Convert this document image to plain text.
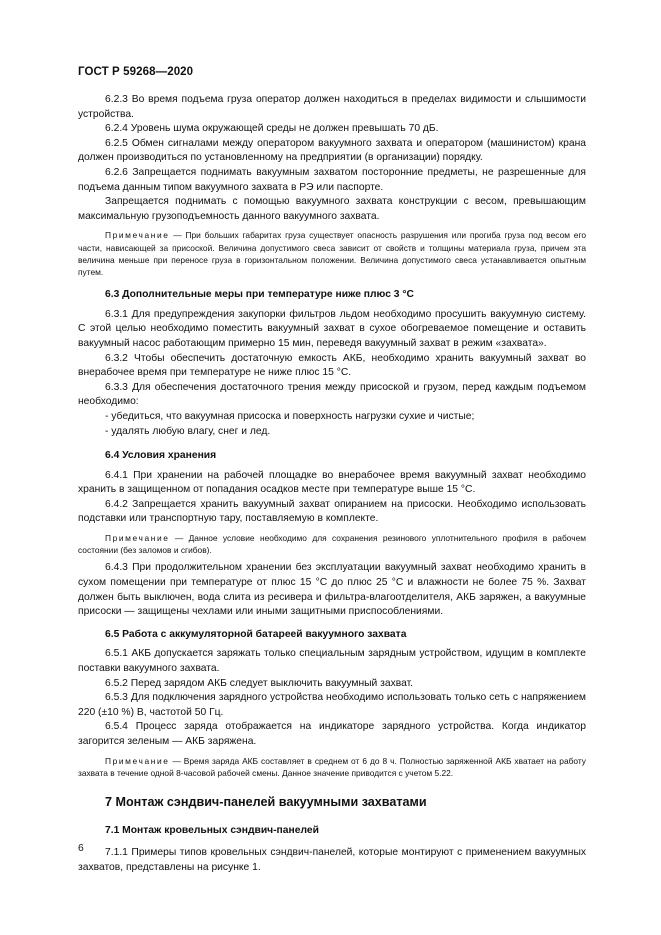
ГОСТ Р 59268—2020

6.2.3 Во время подъема груза оператор должен находиться в пределах видимости и слышимости устройства.

6.2.4 Уровень шума окружающей среды не должен превышать 70 дБ.

6.2.5 Обмен сигналами между оператором вакуумного захвата и оператором (машинистом) крана должен производиться по установленному на предприятии (в организации) порядку.

6.2.6 Запрещается поднимать вакуумным захватом посторонние предметы, не разрешенные для подъема данным типом вакуумного захвата в РЭ или паспорте.

Запрещается поднимать с помощью вакуумного захвата конструкции с весом, превышающим максимальную грузоподъемность данного вакуумного захвата.

Примечание — При больших габаритах груза существует опасность разрушения или прогиба груза под весом его части, нависающей за присоской. Величина допустимого свеса зависит от свойств и толщины материала груза, причем эта величина меньше при переносе груза в горизонтальном положении. Величина допустимого свеса устанавливается опытным путем.

6.3 Дополнительные меры при температуре ниже плюс 3 °С

6.3.1 Для предупреждения закупорки фильтров льдом необходимо просушить вакуумную систему. С этой целью необходимо поместить вакуумный захват в сухое обогреваемое помещение и оставить вакуумный насос работающим примерно 15 мин, переведя вакуумный захват в режим «захвата».

6.3.2 Чтобы обеспечить достаточную емкость АКБ, необходимо хранить вакуумный захват во внерабочее время при температуре не ниже плюс 15 °С.

6.3.3 Для обеспечения достаточного трения между присоской и грузом, перед каждым подъемом необходимо:

- убедиться, что вакуумная присоска и поверхность нагрузки сухие и чистые;

- удалять любую влагу, снег и лед.

6.4 Условия хранения

6.4.1 При хранении на рабочей площадке во внерабочее время вакуумный захват необходимо хранить в защищенном от попадания осадков месте при температуре выше 15 °С.

6.4.2 Запрещается хранить вакуумный захват опиранием на присоски. Необходимо использовать подставки или транспортную тару, поставляемую в комплекте.

Примечание — Данное условие необходимо для сохранения резинового уплотнительного профиля в рабочем состоянии (без заломов и сгибов).

6.4.3 При продолжительном хранении без эксплуатации вакуумный захват необходимо хранить в сухом помещении при температуре от плюс 15 °С до плюс 25 °С и влажности не более 75 %. Захват должен быть выключен, вода слита из ресивера и фильтра-влагоотделителя, АКБ заряжен, а вакуумные присоски — защищены чехлами или иными защитными приспособлениями.

6.5 Работа с аккумуляторной батареей вакуумного захвата

6.5.1 АКБ допускается заряжать только специальным зарядным устройством, идущим в комплекте поставки вакуумного захвата.

6.5.2 Перед зарядом АКБ следует выключить вакуумный захват.

6.5.3 Для подключения зарядного устройства необходимо использовать только сеть с напряжением 220 (±10 %) В, частотой 50 Гц.

6.5.4 Процесс заряда отображается на индикаторе зарядного устройства. Когда индикатор загорится зеленым — АКБ заряжена.

Примечание — Время заряда АКБ составляет в среднем от 6 до 8 ч. Полностью заряженной АКБ хватает на работу захвата в течение одной 8-часовой рабочей смены. Данное значение приводится с учетом 5.22.

7 Монтаж сэндвич-панелей вакуумными захватами

7.1 Монтаж кровельных сэндвич-панелей

7.1.1 Примеры типов кровельных сэндвич-панелей, которые монтируют с применением вакуумных захватов, представлены на рисунке 1.

6
